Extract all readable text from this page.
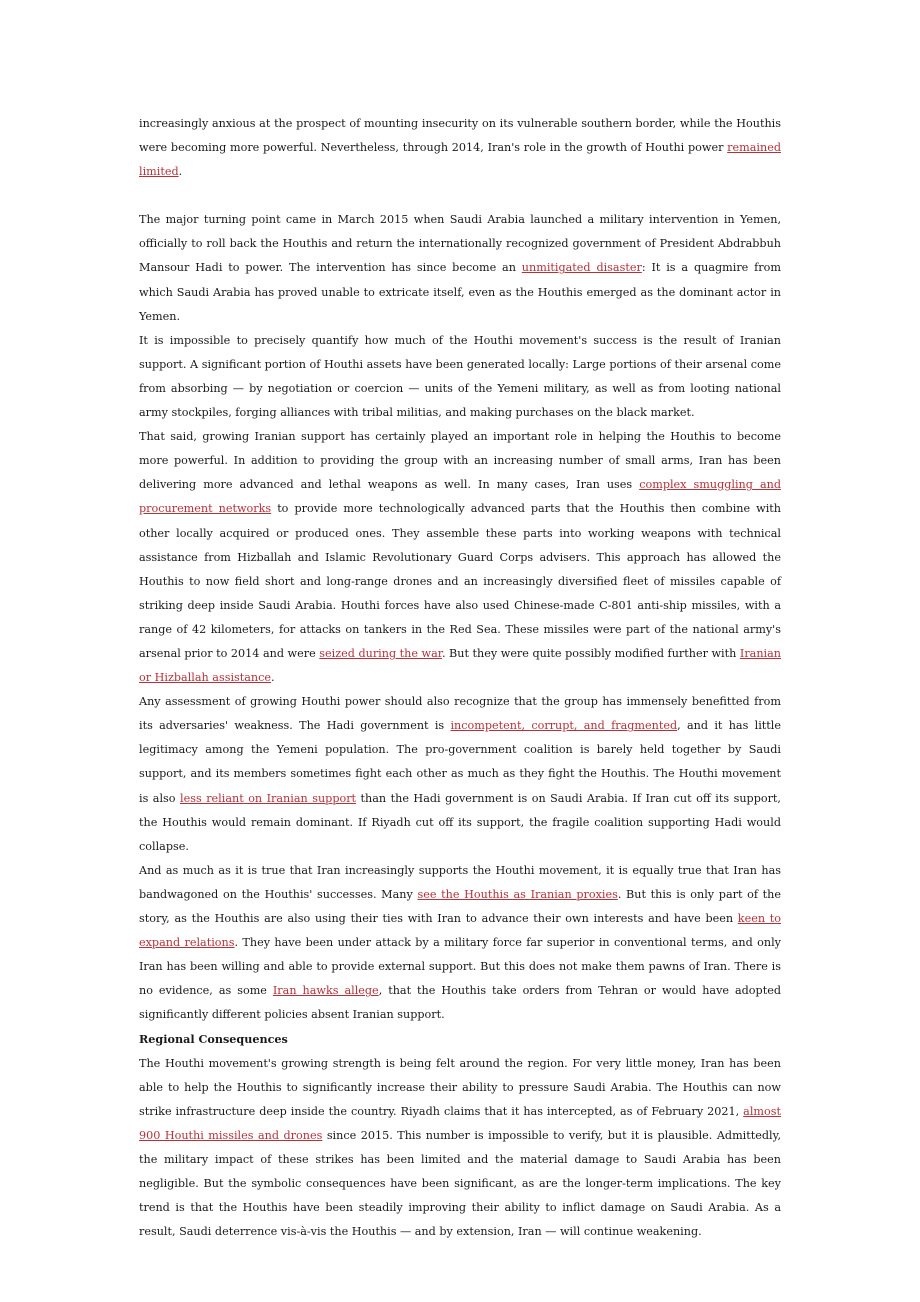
increasingly anxious at the prospect of mounting insecurity on its vulnerable southern border, while the Houthis were becoming more powerful. Nevertheless, through 2014, Iran's role in the growth of Houthi power remained limited.

The major turning point came in March 2015 when Saudi Arabia launched a military intervention in Yemen, officially to roll back the Houthis and return the internationally recognized government of President Abdrabbuh Mansour Hadi to power. The intervention has since become an unmitigated disaster: It is a quagmire from which Saudi Arabia has proved unable to extricate itself, even as the Houthis emerged as the dominant actor in Yemen.

It is impossible to precisely quantify how much of the Houthi movement's success is the result of Iranian support. A significant portion of Houthi assets have been generated locally: Large portions of their arsenal come from absorbing — by negotiation or coercion — units of the Yemeni military, as well as from looting national army stockpiles, forging alliances with tribal militias, and making purchases on the black market.

That said, growing Iranian support has certainly played an important role in helping the Houthis to become more powerful. In addition to providing the group with an increasing number of small arms, Iran has been delivering more advanced and lethal weapons as well. In many cases, Iran uses complex smuggling and procurement networks to provide more technologically advanced parts that the Houthis then combine with other locally acquired or produced ones. They assemble these parts into working weapons with technical assistance from Hizballah and Islamic Revolutionary Guard Corps advisers. This approach has allowed the Houthis to now field short and long-range drones and an increasingly diversified fleet of missiles capable of striking deep inside Saudi Arabia. Houthi forces have also used Chinese-made C-801 anti-ship missiles, with a range of 42 kilometers, for attacks on tankers in the Red Sea. These missiles were part of the national army's arsenal prior to 2014 and were seized during the war. But they were quite possibly modified further with Iranian or Hizballah assistance.

Any assessment of growing Houthi power should also recognize that the group has immensely benefitted from its adversaries' weakness. The Hadi government is incompetent, corrupt, and fragmented, and it has little legitimacy among the Yemeni population. The pro-government coalition is barely held together by Saudi support, and its members sometimes fight each other as much as they fight the Houthis. The Houthi movement is also less reliant on Iranian support than the Hadi government is on Saudi Arabia. If Iran cut off its support, the Houthis would remain dominant. If Riyadh cut off its support, the fragile coalition supporting Hadi would collapse.

And as much as it is true that Iran increasingly supports the Houthi movement, it is equally true that Iran has bandwagoned on the Houthis' successes. Many see the Houthis as Iranian proxies. But this is only part of the story, as the Houthis are also using their ties with Iran to advance their own interests and have been keen to expand relations. They have been under attack by a military force far superior in conventional terms, and only Iran has been willing and able to provide external support. But this does not make them pawns of Iran. There is no evidence, as some Iran hawks allege, that the Houthis take orders from Tehran or would have adopted significantly different policies absent Iranian support.

Regional Consequences

The Houthi movement's growing strength is being felt around the region. For very little money, Iran has been able to help the Houthis to significantly increase their ability to pressure Saudi Arabia. The Houthis can now strike infrastructure deep inside the country. Riyadh claims that it has intercepted, as of February 2021, almost 900 Houthi missiles and drones since 2015. This number is impossible to verify, but it is plausible. Admittedly, the military impact of these strikes has been limited and the material damage to Saudi Arabia has been negligible. But the symbolic consequences have been significant, as are the longer-term implications. The key trend is that the Houthis have been steadily improving their ability to inflict damage on Saudi Arabia. As a result, Saudi deterrence vis-à-vis the Houthis — and by extension, Iran — will continue weakening.
